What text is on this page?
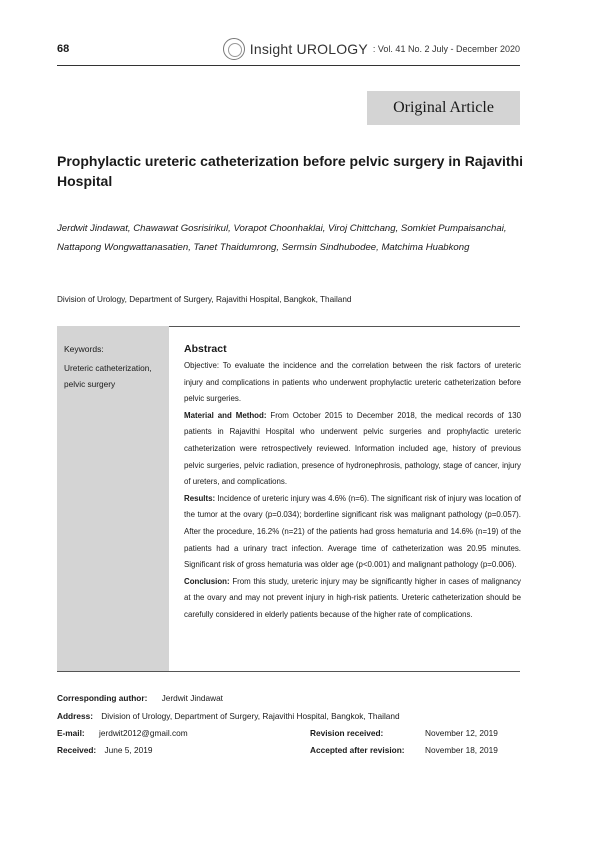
68	Insight UROLOGY : Vol. 41 No. 2 July - December 2020
Original Article
Prophylactic ureteric catheterization before pelvic surgery in Rajavithi Hospital
Jerdwit Jindawat, Chawawat Gosrisirikul, Vorapot Choonhaklai, Viroj Chittchang, Somkiet Pumpaisanchai, Nattapong Wongwattanasatien, Tanet Thaidumrong, Sermsin Sindhubodee, Matchima Huabkong
Division of Urology, Department of Surgery, Rajavithi Hospital, Bangkok, Thailand
Keywords:
Ureteric catheterization, pelvic surgery
Abstract

Objective: To evaluate the incidence and the correlation between the risk factors of ureteric injury and complications in patients who underwent prophylactic ureteric catheterization before pelvic surgeries.

Material and Method: From October 2015 to December 2018, the medical records of 130 patients in Rajavithi Hospital who underwent pelvic surgeries and prophylactic ureteric catheterization were retrospectively reviewed. Information included age, history of previous pelvic surgeries, pelvic radiation, presence of hydronephrosis, pathology, stage of cancer, injury of ureters, and complications.

Results: Incidence of ureteric injury was 4.6% (n=6). The significant risk of injury was location of the tumor at the ovary (p=0.034); borderline significant risk was malignant pathology (p=0.057). After the procedure, 16.2% (n=21) of the patients had gross hematuria and 14.6% (n=19) of the patients had a urinary tract infection. Average time of catheterization was 20.95 minutes. Significant risk of gross hematuria was older age (p<0.001) and malignant pathology (p=0.006).

Conclusion: From this study, ureteric injury may be significantly higher in cases of malignancy at the ovary and may not prevent injury in high-risk patients. Ureteric catheterization should be carefully considered in elderly patients because of the higher rate of complications.

Corresponding author: Jerdwit Jindawat
Address: Division of Urology, Department of Surgery, Rajavithi Hospital, Bangkok, Thailand
E-mail: jerdwit2012@gmail.com	Revision received:	November 12, 2019
Received: June 5, 2019	Accepted after revision: November 18, 2019
